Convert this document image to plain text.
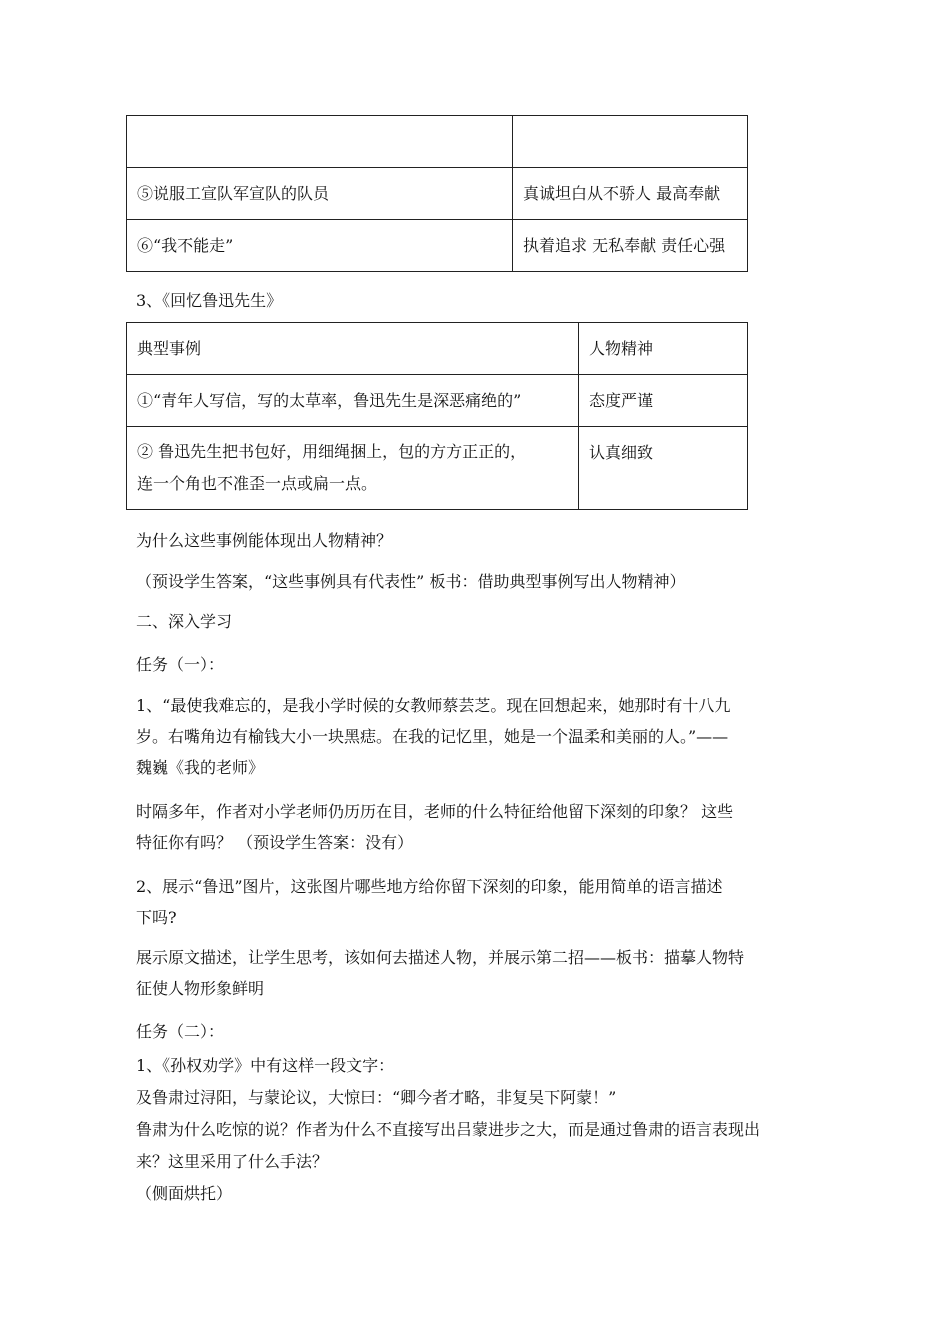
⑤说服工宣队军宣队的队员	真诚坦白从不骄人 最高奉献
⑥“我不能走”	执着追求 无私奉献 责任心强
3、《回忆鲁迅先生》
典型事例	人物精神
①“青年人写信，写的太草率，鲁迅先生是深恶痛绝的”	态度严谨

② 鲁迅先生把书包好，用细绳捆上，包的方方正正的，
连一个角也不准歪一点或扁一点。	认真细致
为什么这些事例能体现出人物精神？
（预设学生答案，“这些事例具有代表性” 板书：借助典型事例写出人物精神）
二、深入学习
任务（一）：
1、“最使我难忘的，是我小学时候的女教师蔡芸芝。现在回想起来，她那时有十八九
岁。右嘴角边有榆钱大小一块黑痣。在我的记忆里，她是一个温柔和美丽的人。”——
魏巍《我的老师》
时隔多年，作者对小学老师仍历历在目，老师的什么特征给他留下深刻的印象？ 这些
特征你有吗？ （预设学生答案：没有）
2、展示“鲁迅”图片，这张图片哪些地方给你留下深刻的印象，能用简单的语言描述
下吗?
展示原文描述，让学生思考，该如何去描述人物，并展示第二招——板书：描摹人物特
征使人物形象鲜明
任务（二）：
1、《孙权劝学》中有这样一段文字：
及鲁肃过浔阳，与蒙论议，大惊曰：“卿今者才略，非复吴下阿蒙！”
鲁肃为什么吃惊的说？作者为什么不直接写出吕蒙进步之大，而是通过鲁肃的语言表现出
来？这里采用了什么手法？
（侧面烘托）
